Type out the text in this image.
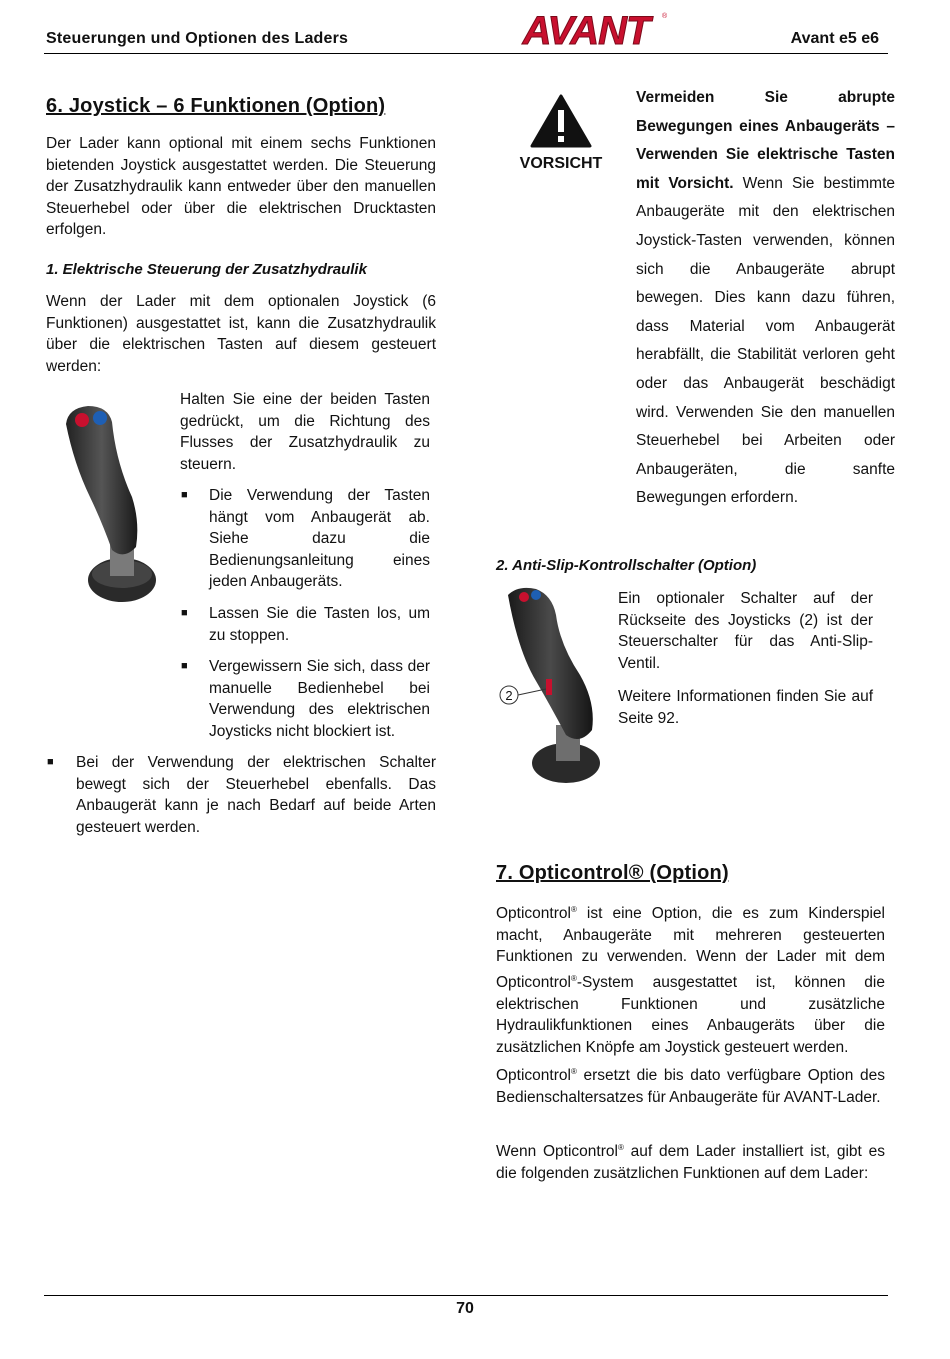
Steuerungen und Optionen des Laders	AVANT	®
Avant e5 e6
6. Joystick – 6 Funktionen (Option)
Der Lader kann optional mit einem sechs Funktionen bietenden Joystick ausgestattet werden. Die Steuerung der Zusatzhydraulik kann entweder über den manuellen Steuerhebel oder über die elektrischen Drucktasten erfolgen.
1. Elektrische Steuerung der Zusatzhydraulik
Wenn der Lader mit dem optionalen Joystick (6 Funktionen) ausgestattet ist, kann die Zusatzhydraulik über die elektrischen Tasten auf diesem gesteuert werden:
Halten Sie eine der beiden Tasten gedrückt, um die Richtung des Flusses der Zusatzhydraulik zu steuern.
■ Die Verwendung der Tasten hängt vom Anbaugerät ab. Siehe dazu die Bedienungsanleitung eines jeden Anbaugeräts.
■ Lassen Sie die Tasten los, um zu stoppen.
■ Vergewissern Sie sich, dass der manuelle Bedienhebel bei Verwendung des elektrischen Joysticks nicht blockiert ist.
■ Bei der Verwendung der elektrischen Schalter bewegt sich der Steuerhebel ebenfalls. Das Anbaugerät kann je nach Bedarf auf beide Arten gesteuert werden.
VORSICHT
Vermeiden Sie abrupte Bewegungen eines Anbaugeräts – Verwenden Sie elektrische Tasten mit Vorsicht. Wenn Sie bestimmte Anbaugeräte mit den elektrischen Joystick-Tasten verwenden, können sich die Anbaugeräte abrupt bewegen. Dies kann dazu führen, dass Material vom Anbaugerät herabfällt, die Stabilität verloren geht oder das Anbaugerät beschädigt wird. Verwenden Sie den manuellen Steuerhebel bei Arbeiten oder Anbaugeräten, die sanfte Bewegungen erfordern.
2. Anti-Slip-Kontrollschalter (Option)
2
Ein optionaler Schalter auf der Rückseite des Joysticks (2) ist der Steuerschalter für das Anti-Slip-Ventil.
Weitere Informationen finden Sie auf Seite 92.
7. Opticontrol® (Option)
Opticontrol® ist eine Option, die es zum Kinderspiel macht, Anbaugeräte mit mehreren gesteuerten Funktionen zu verwenden. Wenn der Lader mit dem Opticontrol®-System ausgestattet ist, können die elektrischen Funktionen und zusätzliche Hydraulikfunktionen eines Anbaugeräts über die zusätzlichen Knöpfe am Joystick gesteuert werden.
Opticontrol® ersetzt die bis dato verfügbare Option des Bedienschaltersatzes für Anbaugeräte für AVANT-Lader.
Wenn Opticontrol® auf dem Lader installiert ist, gibt es die folgenden zusätzlichen Funktionen auf dem Lader:
70
